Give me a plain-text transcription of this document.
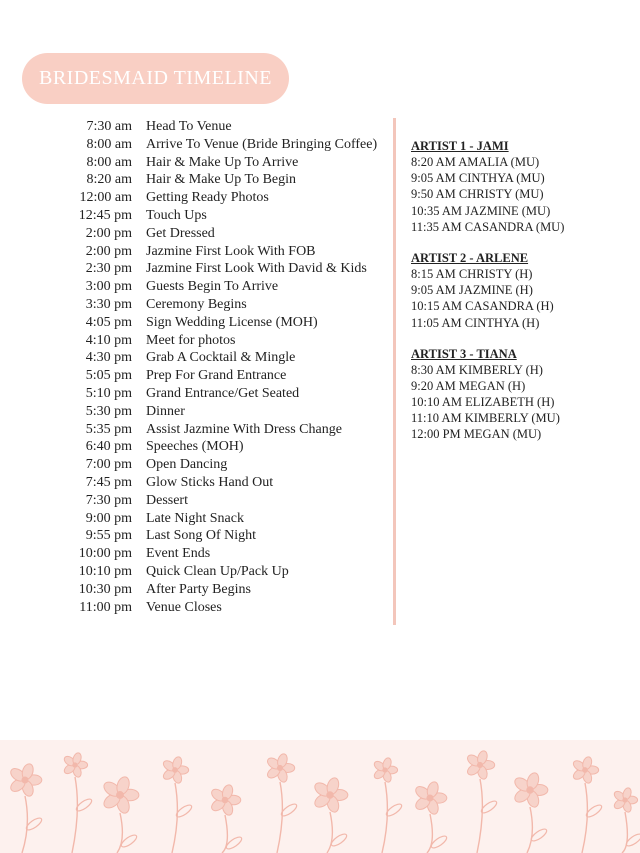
BRIDESMAID TIMELINE
7:30 am Head To Venue
8:00 am Arrive To Venue (Bride Bringing Coffee)
8:00 am Hair & Make Up To Arrive
8:20 am Hair & Make Up To Begin
12:00 am Getting Ready Photos
12:45 pm Touch Ups
2:00 pm Get Dressed
2:00 pm Jazmine First Look With FOB
2:30 pm Jazmine First Look With David & Kids
3:00 pm Guests Begin To Arrive
3:30 pm Ceremony Begins
4:05 pm Sign Wedding License (MOH)
4:10 pm Meet for photos
4:30 pm Grab A Cocktail & Mingle
5:05 pm Prep For Grand Entrance
5:10 pm Grand Entrance/Get Seated
5:30 pm Dinner
5:35 pm Assist Jazmine With Dress Change
6:40 pm Speeches (MOH)
7:00 pm Open Dancing
7:45 pm Glow Sticks Hand Out
7:30 pm Dessert
9:00 pm Late Night Snack
9:55 pm Last Song Of Night
10:00 pm Event Ends
10:10 pm Quick Clean Up/Pack Up
10:30 pm After Party Begins
11:00 pm Venue Closes
ARTIST 1 - JAMI
8:20 AM AMALIA (MU)
9:05 AM CINTHYA (MU)
9:50 AM CHRISTY (MU)
10:35 AM JAZMINE (MU)
11:35 AM CASANDRA (MU)
ARTIST 2 - ARLENE
8:15 AM CHRISTY (H)
9:05 AM JAZMINE (H)
10:15 AM CASANDRA (H)
11:05 AM CINTHYA (H)
ARTIST 3 - TIANA
8:30 AM KIMBERLY (H)
9:20 AM MEGAN (H)
10:10 AM ELIZABETH (H)
11:10 AM KIMBERLY (MU)
12:00 PM MEGAN (MU)
